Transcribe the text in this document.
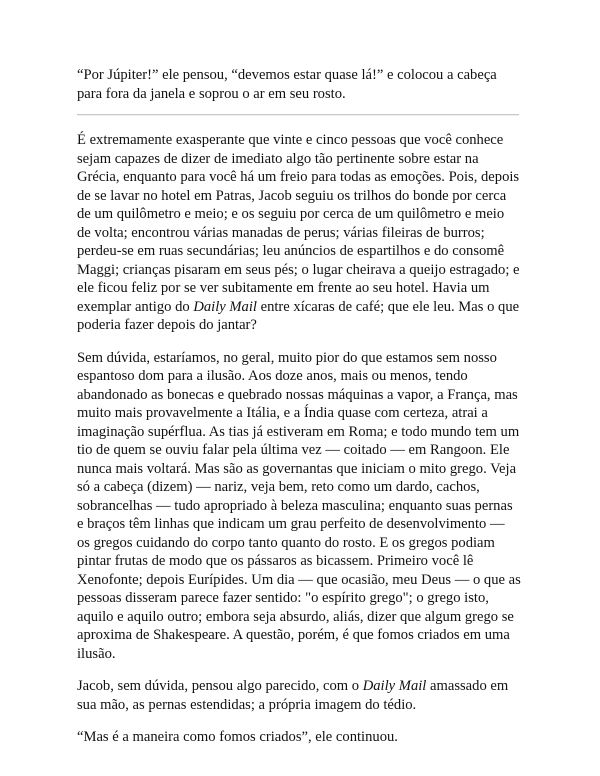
“Por Júpiter!” ele pensou, “devemos estar quase lá!” e colocou a cabeça para fora da janela e soprou o ar em seu rosto.

É extremamente exasperante que vinte e cinco pessoas que você conhece sejam capazes de dizer de imediato algo tão pertinente sobre estar na Grécia, enquanto para você há um freio para todas as emoções. Pois, depois de se lavar no hotel em Patras, Jacob seguiu os trilhos do bonde por cerca de um quilômetro e meio; e os seguiu por cerca de um quilômetro e meio de volta; encontrou várias manadas de perus; várias fileiras de burros; perdeu-se em ruas secundárias; leu anúncios de espartilhos e do consomê Maggi; crianças pisaram em seus pés; o lugar cheirava a queijo estragado; e ele ficou feliz por se ver subitamente em frente ao seu hotel. Havia um exemplar antigo do Daily Mail entre xícaras de café; que ele leu. Mas o que poderia fazer depois do jantar?

Sem dúvida, estaríamos, no geral, muito pior do que estamos sem nosso espantoso dom para a ilusão. Aos doze anos, mais ou menos, tendo abandonado as bonecas e quebrado nossas máquinas a vapor, a França, mas muito mais provavelmente a Itália, e a Índia quase com certeza, atrai a imaginação supérflua. As tias já estiveram em Roma; e todo mundo tem um tio de quem se ouviu falar pela última vez — coitado — em Rangoon. Ele nunca mais voltará. Mas são as governantas que iniciam o mito grego. Veja só a cabeça (dizem) — nariz, veja bem, reto como um dardo, cachos, sobrancelhas — tudo apropriado à beleza masculina; enquanto suas pernas e braços têm linhas que indicam um grau perfeito de desenvolvimento — os gregos cuidando do corpo tanto quanto do rosto. E os gregos podiam pintar frutas de modo que os pássaros as bicassem. Primeiro você lê Xenofonte; depois Eurípides. Um dia — que ocasião, meu Deus — o que as pessoas disseram parece fazer sentido: "o espírito grego"; o grego isto, aquilo e aquilo outro; embora seja absurdo, aliás, dizer que algum grego se aproxima de Shakespeare. A questão, porém, é que fomos criados em uma ilusão.

Jacob, sem dúvida, pensou algo parecido, com o Daily Mail amassado em sua mão, as pernas estendidas; a própria imagem do tédio.

“Mas é a maneira como fomos criados”, ele continuou.
